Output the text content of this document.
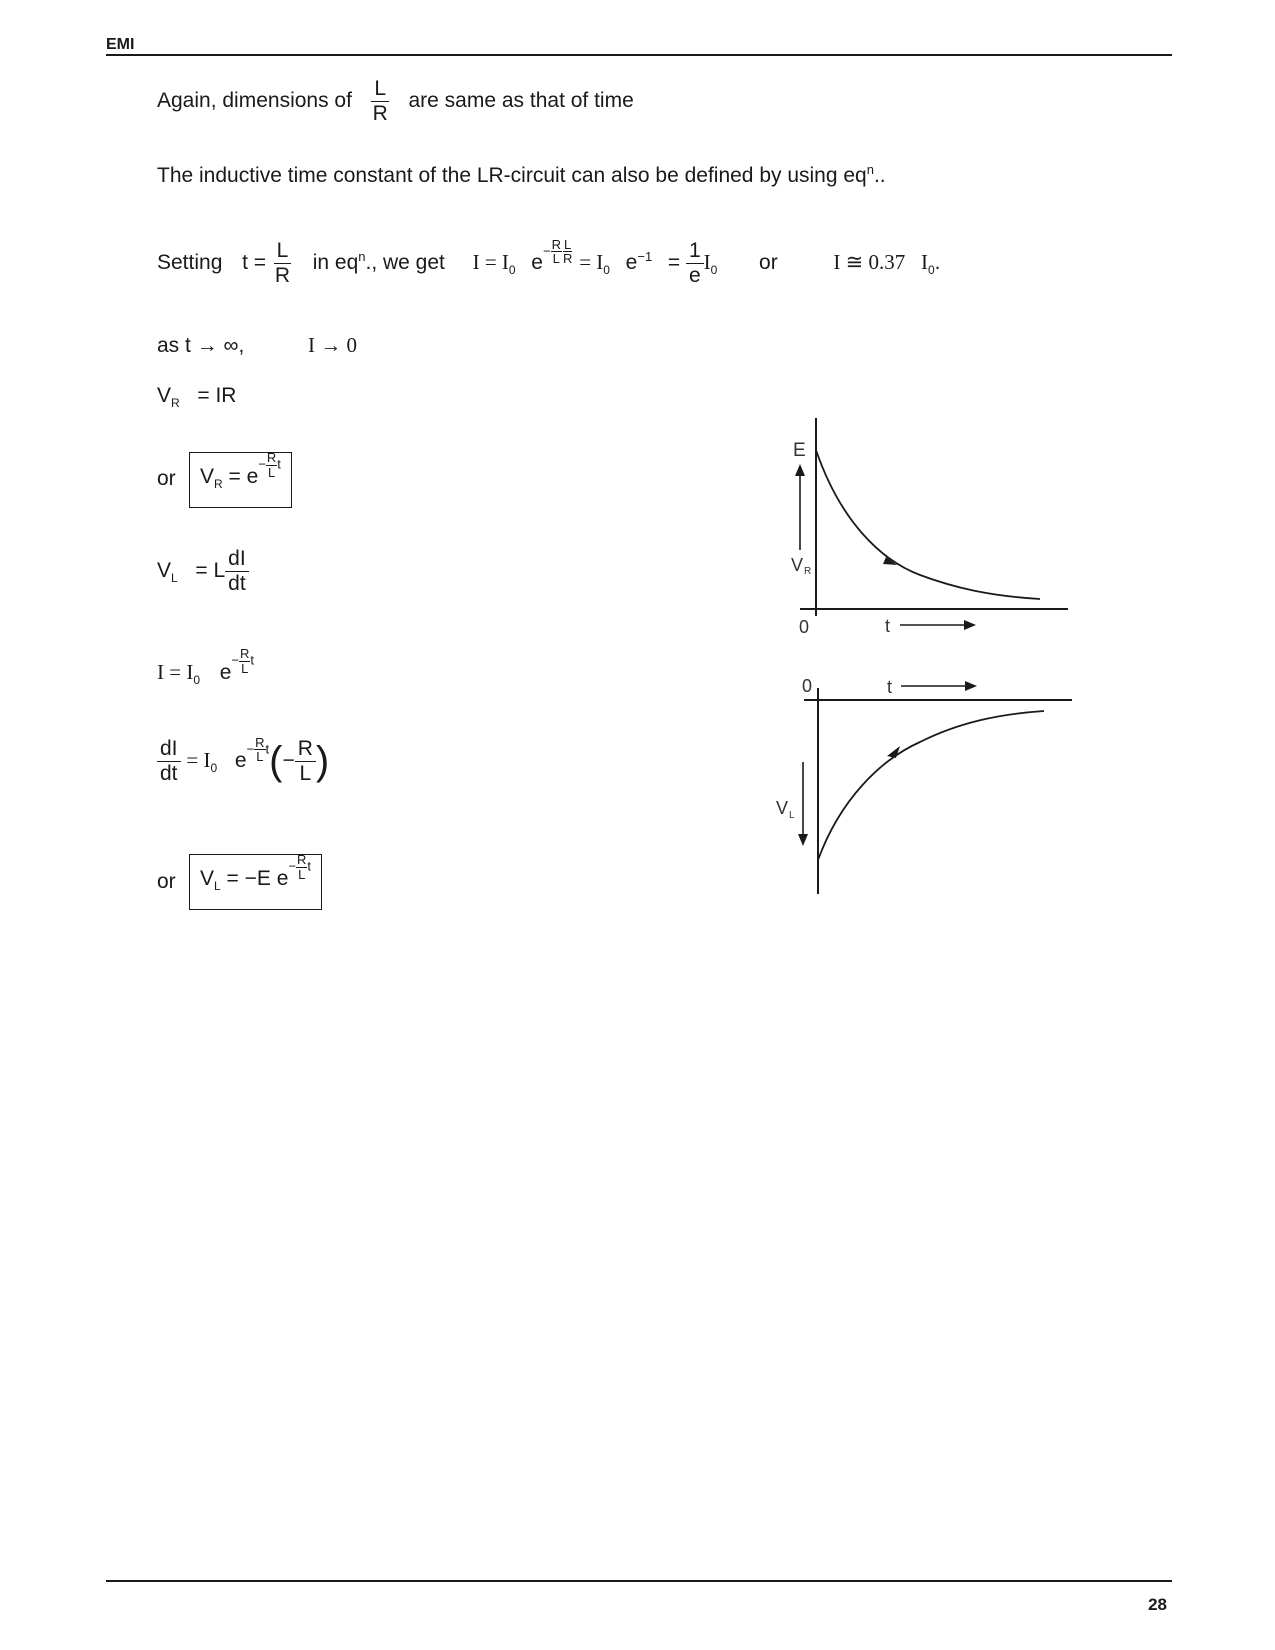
EMI
Again, dimensions of $\frac{L}{R}$ are same as that of time
The inductive time constant of the LR-circuit can also be defined by using $eq^n$..
Setting $t = \frac{L}{R}$ in $eq^n$., we get $I = I_0$ $e- \frac{R}{L} \frac{L}{R} = I_0$ $e^{-1} = \frac{1}{e} I_0$ or	I ≅ 0.37 $I_0$.
as t → ∞,	I → 0
$V_R$ = IR
or	$V_R = e- \frac{R}{L}$ t
$V_L = L \frac{dI}{dt}$
$I = I_0$ $e- \frac{R}{L}$ t
$\frac{dI}{dt} = I_0$ $e- \frac{R}{L} t(- \frac{R}{L}$ )
or	$V_L = -E$ $e- \frac{R}{L}$ t
E
V R
0	t
0	t
V L
28
